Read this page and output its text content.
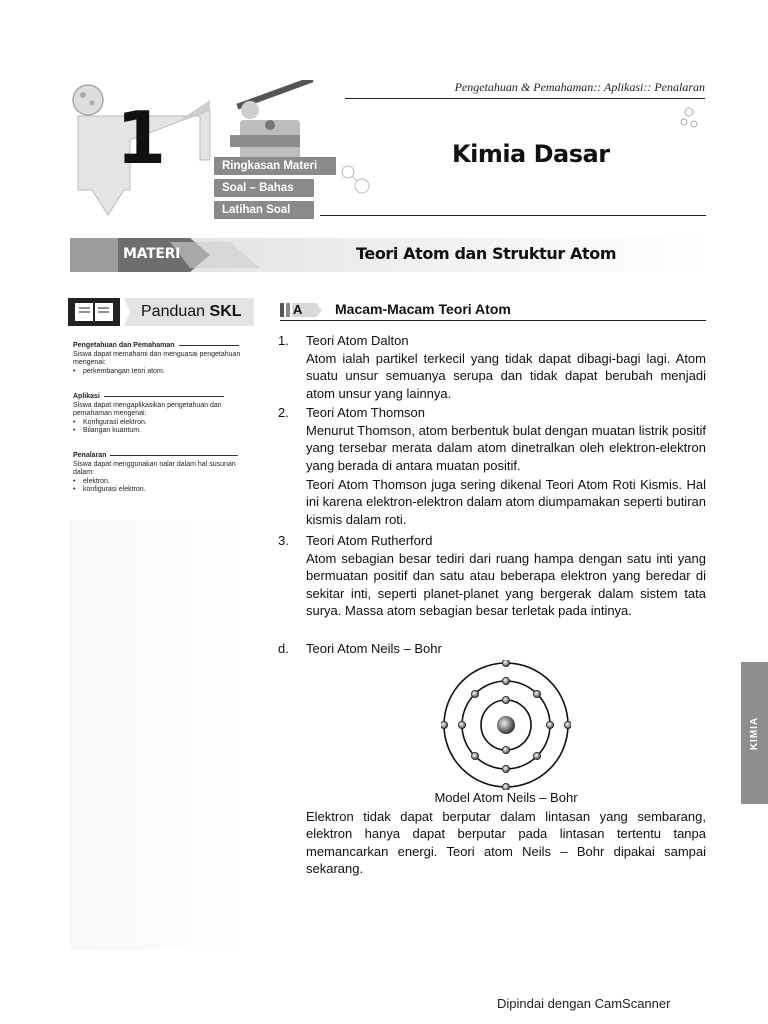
1	Ringkasan Materi
Soal – Bahas
Latihan Soal
Pengetahuan & Pemahaman:: Aplikasi:: Penalaran
Kimia Dasar
MATERI	Teori Atom dan Struktur Atom
Panduan SKL
Pengetahuan dan Pemahaman
Siswa dapat memahami dan menguasai pengetahuan mengenai:
• perkembangan teori atom.
Aplikasi
Siswa dapat mengaplikasikan pengetahuan dan pemahaman mengenai:
• Konfigurasi elektron.
• Bilangan kuantum.
Penalaran
Siswa dapat menggunakan nalar dalam hal susunan dalam:
• elektron.
• konfigurasi elektron.
A Macam-Macam Teori Atom
1. Teori Atom Dalton
Atom ialah partikel terkecil yang tidak dapat dibagi-bagi lagi. Atom suatu unsur semuanya serupa dan tidak dapat berubah menjadi atom unsur yang lainnya.
2. Teori Atom Thomson
Menurut Thomson, atom berbentuk bulat dengan muatan listrik positif yang tersebar merata dalam atom dinetralkan oleh elektron-elektron yang berada di antara muatan positif.
Teori Atom Thomson juga sering dikenal Teori Atom Roti Kismis. Hal ini karena elektron-elektron dalam atom diumpamakan seperti butiran kismis dalam roti.
3. Teori Atom Rutherford
Atom sebagian besar tediri dari ruang hampa dengan satu inti yang bermuatan positif dan satu atau beberapa elektron yang beredar di sekitar inti, seperti planet-planet yang bergerak dalam sistem tata surya. Massa atom sebagian besar terletak pada intinya.
d. Teori Atom Neils – Bohr
Model Atom Neils – Bohr
Elektron tidak dapat berputar dalam lintasan yang sembarang, elektron hanya dapat berputar pada lintasan tertentu tanpa memancarkan energi. Teori atom Neils – Bohr dipakai sampai sekarang.
KIMIA
Dipindai dengan CamScanner
